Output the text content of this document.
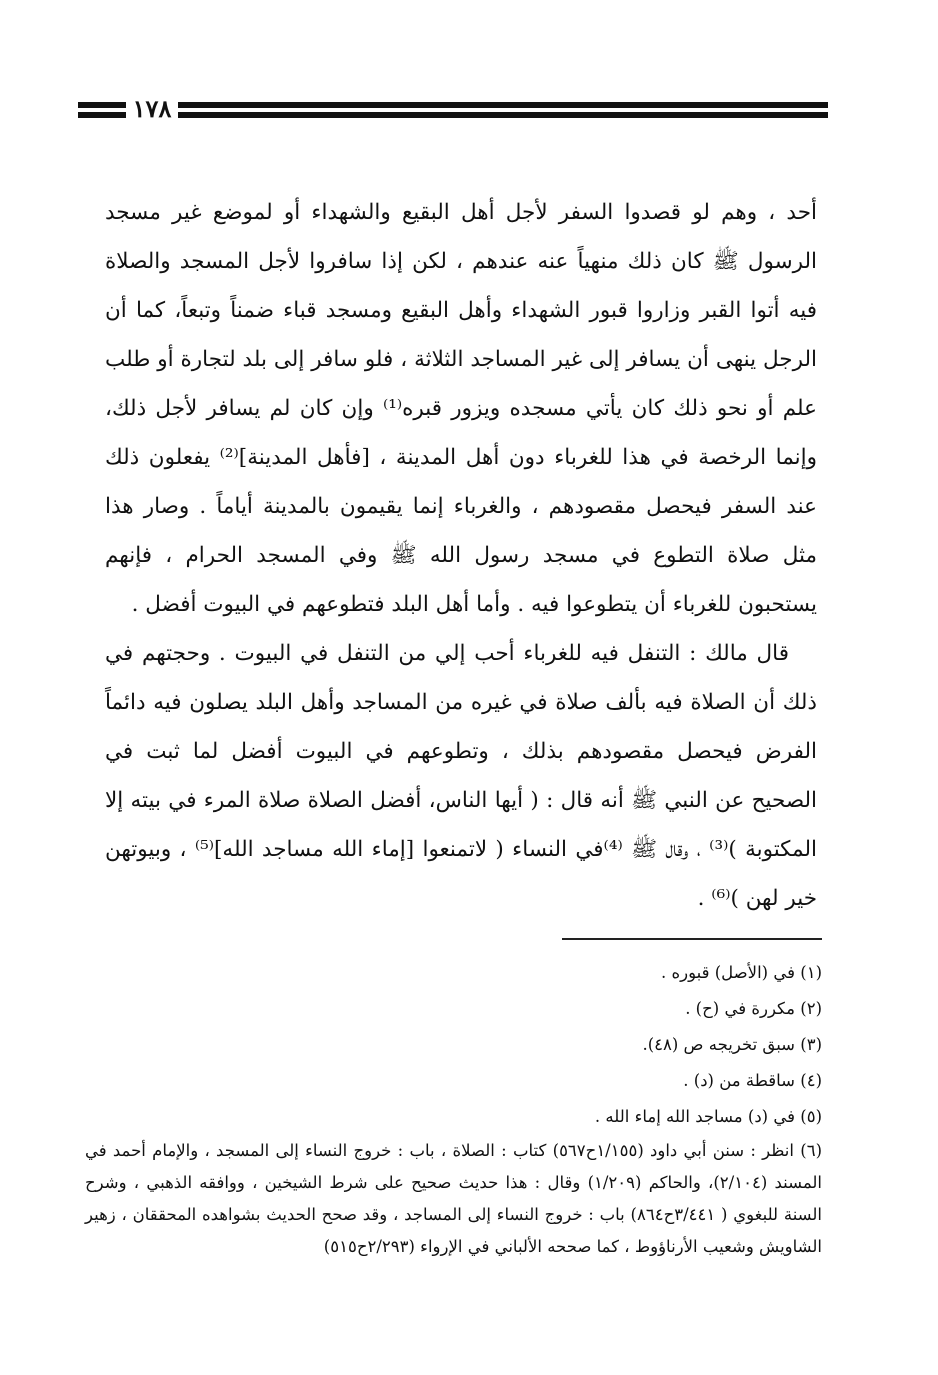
١٧٨

أحد ، وهم لو قصدوا السفر لأجل أهل البقيع والشهداء أو لموضع غير مسجد الرسول ﷺ كان ذلك منهياً عنه عندهم ، لكن إذا سافروا لأجل المسجد والصلاة فيه أتوا القبر وزاروا قبور الشهداء وأهل البقيع ومسجد قباء ضمناً وتبعاً، كما أن الرجل ينهى أن يسافر إلى غير المساجد الثلاثة ، فلو سافر إلى بلد لتجارة أو طلب علم أو نحو ذلك كان يأتي مسجده ويزور قبره⁽¹⁾ وإن كان لم يسافر لأجل ذلك، وإنما الرخصة في هذا للغرباء دون أهل المدينة ، [فأهل المدينة]⁽²⁾ يفعلون ذلك عند السفر فيحصل مقصودهم ، والغرباء إنما يقيمون بالمدينة أياماً . وصار هذا مثل صلاة التطوع في مسجد رسول الله ﷺ وفي المسجد الحرام ، فإنهم يستحبون للغرباء أن يتطوعوا فيه . وأما أهل البلد فتطوعهم في البيوت أفضل .

قال مالك : التنفل فيه للغرباء أحب إلي من التنفل في البيوت . وحجتهم في ذلك أن الصلاة فيه بألف صلاة في غيره من المساجد وأهل البلد يصلون فيه دائماً الفرض فيحصل مقصودهم بذلك ، وتطوعهم في البيوت أفضل لما ثبت في الصحيح عن النبي ﷺ أنه قال : ( أيها الناس، أفضل الصلاة صلاة المرء في بيته إلا المكتوبة )⁽³⁾ ، وقال ﷺ ⁽⁴⁾في النساء ( لاتمنعوا [إماء الله مساجد الله]⁽⁵⁾ ، وبيوتهن خير لهن )⁽⁶⁾ .

(١) في (الأصل) قبوره .

(٢) مكررة في (ح) .

(٣) سبق تخريجه ص (٤٨).

(٤) ساقطة من (د) .

(٥) في (د) مساجد الله إماء الله .

(٦) انظر : سنن أبي داود (١/١٥٥ح٥٦٧) كتاب : الصلاة ، باب : خروج النساء إلى المسجد ، والإمام أحمد في المسند (٢/١٠٤)، والحاكم (١/٢٠٩) وقال : هذا حديث صحيح على شرط الشيخين ، ووافقه الذهبي ، وشرح السنة للبغوي ( ٣/٤٤١ح٨٦٤) باب : خروج النساء إلى المساجد ، وقد صحح الحديث بشواهده المحققان ، زهير الشاويش وشعيب الأرناؤوط ، كما صححه الألباني في الإرواء (٢/٢٩٣ح٥١٥)
